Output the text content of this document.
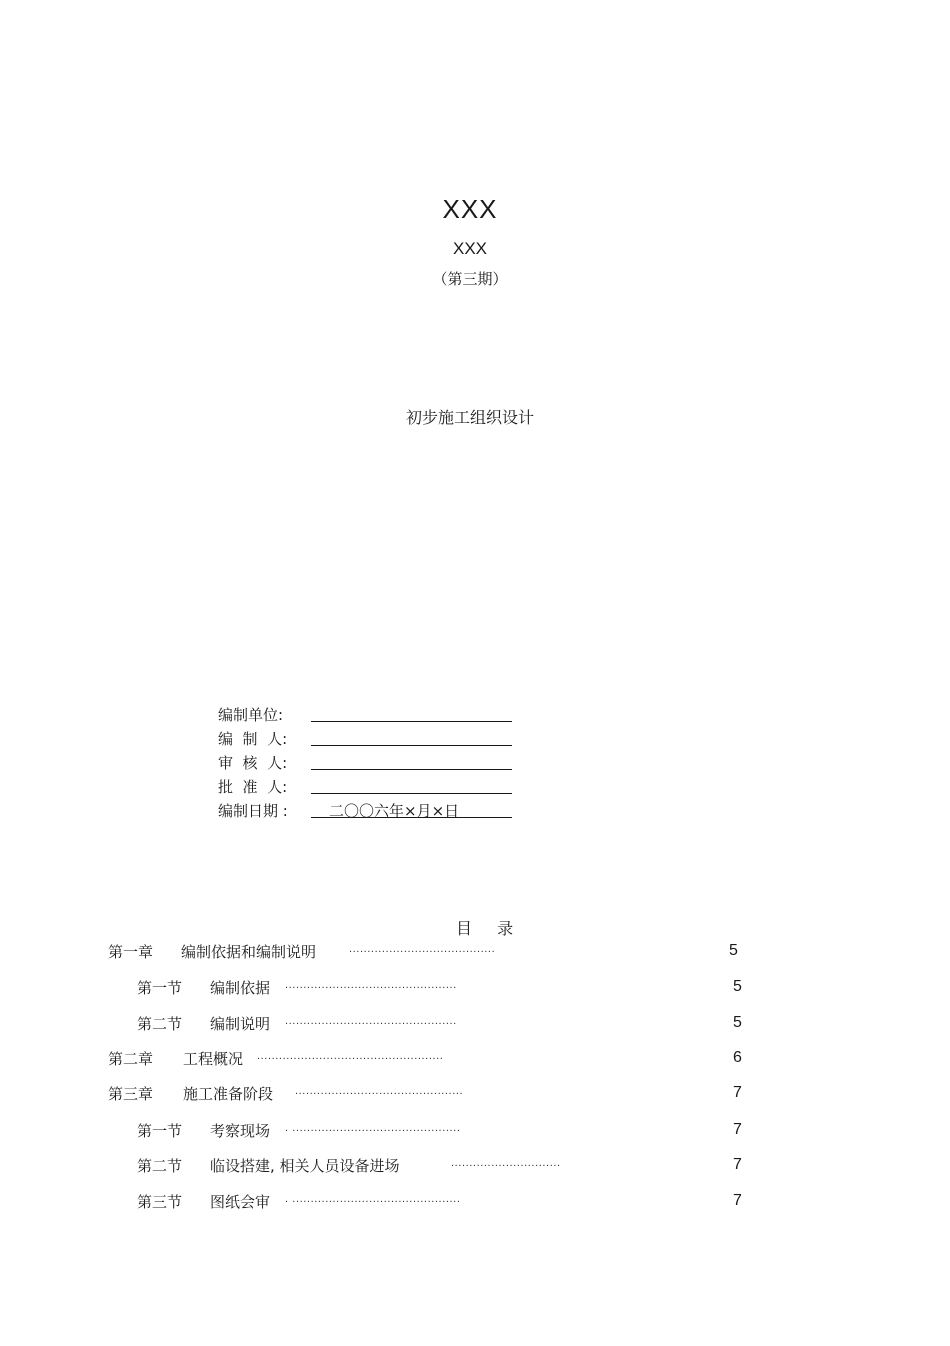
XXX
XXX
（第三期）
初步施工组织设计
编制单位:
编  制  人:
审  核  人:
批  准  人:
编制日期 :	二〇〇六年×月×日
目 录
第一章 编制依据和编制说明	........................................	5
第一节 编制依据 ...............................................	5
第二节 编制说明 ...............................................	5
第二章 工程概况 ...................................................	6
第三章 施工准备阶段 ..............................................	7
第一节 考察现场 . ..............................................	7
第二节 临设搭建, 相关人员设备进场	..............................	7
第三节 图纸会审 . ..............................................	7
